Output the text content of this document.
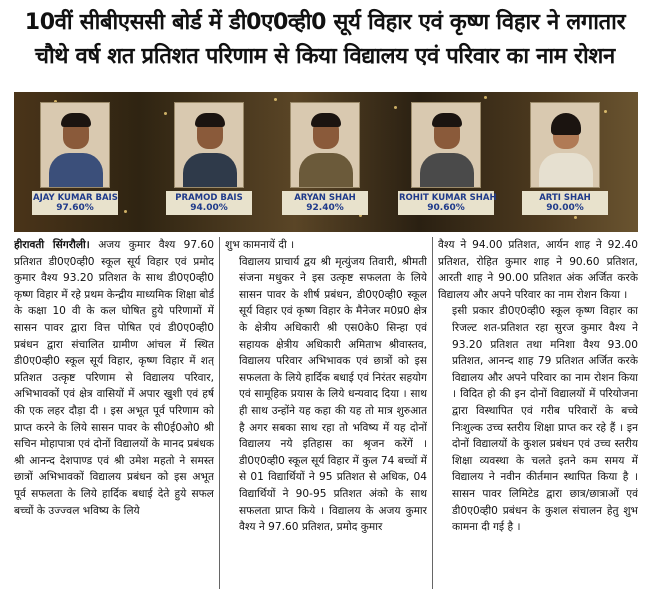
10वीं सीबीएससी बोर्ड में डी0ए0व्ही0 सूर्य विहार एवं कृष्ण विहार ने लगातार
चौथे वर्ष शत प्रतिशत परिणाम से किया विद्यालय एवं परिवार का नाम रोशन
AJAY KUMAR BAIS
97.60%
PRAMOD BAIS
94.00%
ARYAN SHAH
92.40%
ROHIT KUMAR SHAH
90.60%
ARTI SHAH
90.00%

हीरावती सिंगरौली। अजय कुमार वैश्य 97.60 प्रतिशत डी0ए0व्ही0 स्कूल सूर्य विहार एवं प्रमोद कुमार वैश्य 93.20 प्रतिशत के साथ डी0ए0व्ही0 कृष्ण विहार में रहे प्रथम केन्द्रीय माध्यमिक शिक्षा बोर्ड के कक्षा 10 वी के कल घोषित हुये परिणामों में सासन पावर द्वारा वित्त पोषित एवं डी0ए0व्ही0 प्रबंधन द्वारा संचालित ग्रामीण आंचल में स्थित डी0ए0व्ही0 स्कूल सूर्य विहार, कृष्ण विहार में शत् प्रतिशत उत्कृष्ट परिणाम से विद्यालय परिवार, अभिभावकों एवं क्षेत्र वासियों में अपार खुशी एवं हर्ष की एक लहर दौड़ा दी । इस अभूत पूर्व परिणाम को प्राप्त करने के लिये सासन पावर के सी0ई0ओ0 श्री सचिन मोहापात्रा एवं दोनों विद्यालयों के मानद प्रबंधक श्री आनन्द देशपाण्ड एवं श्री उमेश महतो ने समस्त छात्रों अभिभावकों विद्यालय प्रबंधन को इस अभूत पूर्व सफलता के लिये हार्दिक बधाई देते हुये सफल बच्चों के उज्ज्वल भविष्य के लिये

शुभ कामनायें दी ।

विद्यालय प्राचार्य द्वय श्री मृत्युंजय तिवारी, श्रीमती संजना मधुकर ने इस उत्कृष्ट सफलता के लिये सासन पावर के शीर्ष प्रबंधन, डी0ए0व्ही0 स्कूल सूर्य विहार एवं कृष्ण विहार के मैनेजर म0प्र0 क्षेत्र के क्षेत्रीय अधिकारी श्री एस0के0 सिन्हा एवं सहायक क्षेत्रीय अधिकारी अमिताभ श्रीवास्तव, विद्यालय परिवार अभिभावक एवं छात्रों को इस सफलता के लिये हार्दिक बधाई एवं निरंतर सहयोग एवं सामूहिक प्रयास के लिये धन्यवाद दिया । साथ ही साथ उन्होंने यह कहा की यह तो मात्र शुरुआत है अगर सबका साथ रहा तो भविष्य में यह दोनों विद्यालय नये इतिहास का श्रृजन करेंगें । डी0ए0व्ही0 स्कूल सूर्य विहार में कुल 74 बच्चों में से 01 विद्यार्थियों ने 95 प्रतिशत से अधिक, 04 विद्यार्थियों ने 90-95 प्रतिशत अंको के साथ सफलता प्राप्त किये । विद्यालय के अजय कुमार वैश्य ने 97.60 प्रतिशत, प्रमोद कुमार

वैश्य ने 94.00 प्रतिशत, आर्यन शाह ने 92.40 प्रतिशत, रोहित कुमार शाह ने 90.60 प्रतिशत, आरती शाह ने 90.00 प्रतिशत अंक अर्जित करके विद्यालय और अपने परिवार का नाम रोशन किया ।

इसी प्रकार डी0ए0व्ही0 स्कूल कृष्ण विहार का रिजल्ट शत-प्रतिशत रहा सुरज कुमार वैश्य ने 93.20 प्रतिशत तथा मनिशा वैश्य 93.00 प्रतिशत, आनन्द शाह 79 प्रतिशत अर्जित करके विद्यालय और अपने परिवार का नाम रोशन किया । विदित हो की इन दोनों विद्यालयों में परियोजना द्वारा विस्थापित एवं गरीब परिवारों के बच्चे निःशुल्क उच्च स्तरीय शिक्षा प्राप्त कर रहे हैं । इन दोनों विद्यालयों के कुशल प्रबंधन एवं उच्च स्तरीय शिक्षा व्यवस्था के चलते इतने कम समय में विद्यालय ने नवीन कीर्तमान स्थापित किया है । सासन पावर लिमिटेड द्वारा छात्र/छात्राओं एवं डी0ए0व्ही0 प्रबंधन के कुशल संचालन हेतु शुभ कामना दी गई है ।
